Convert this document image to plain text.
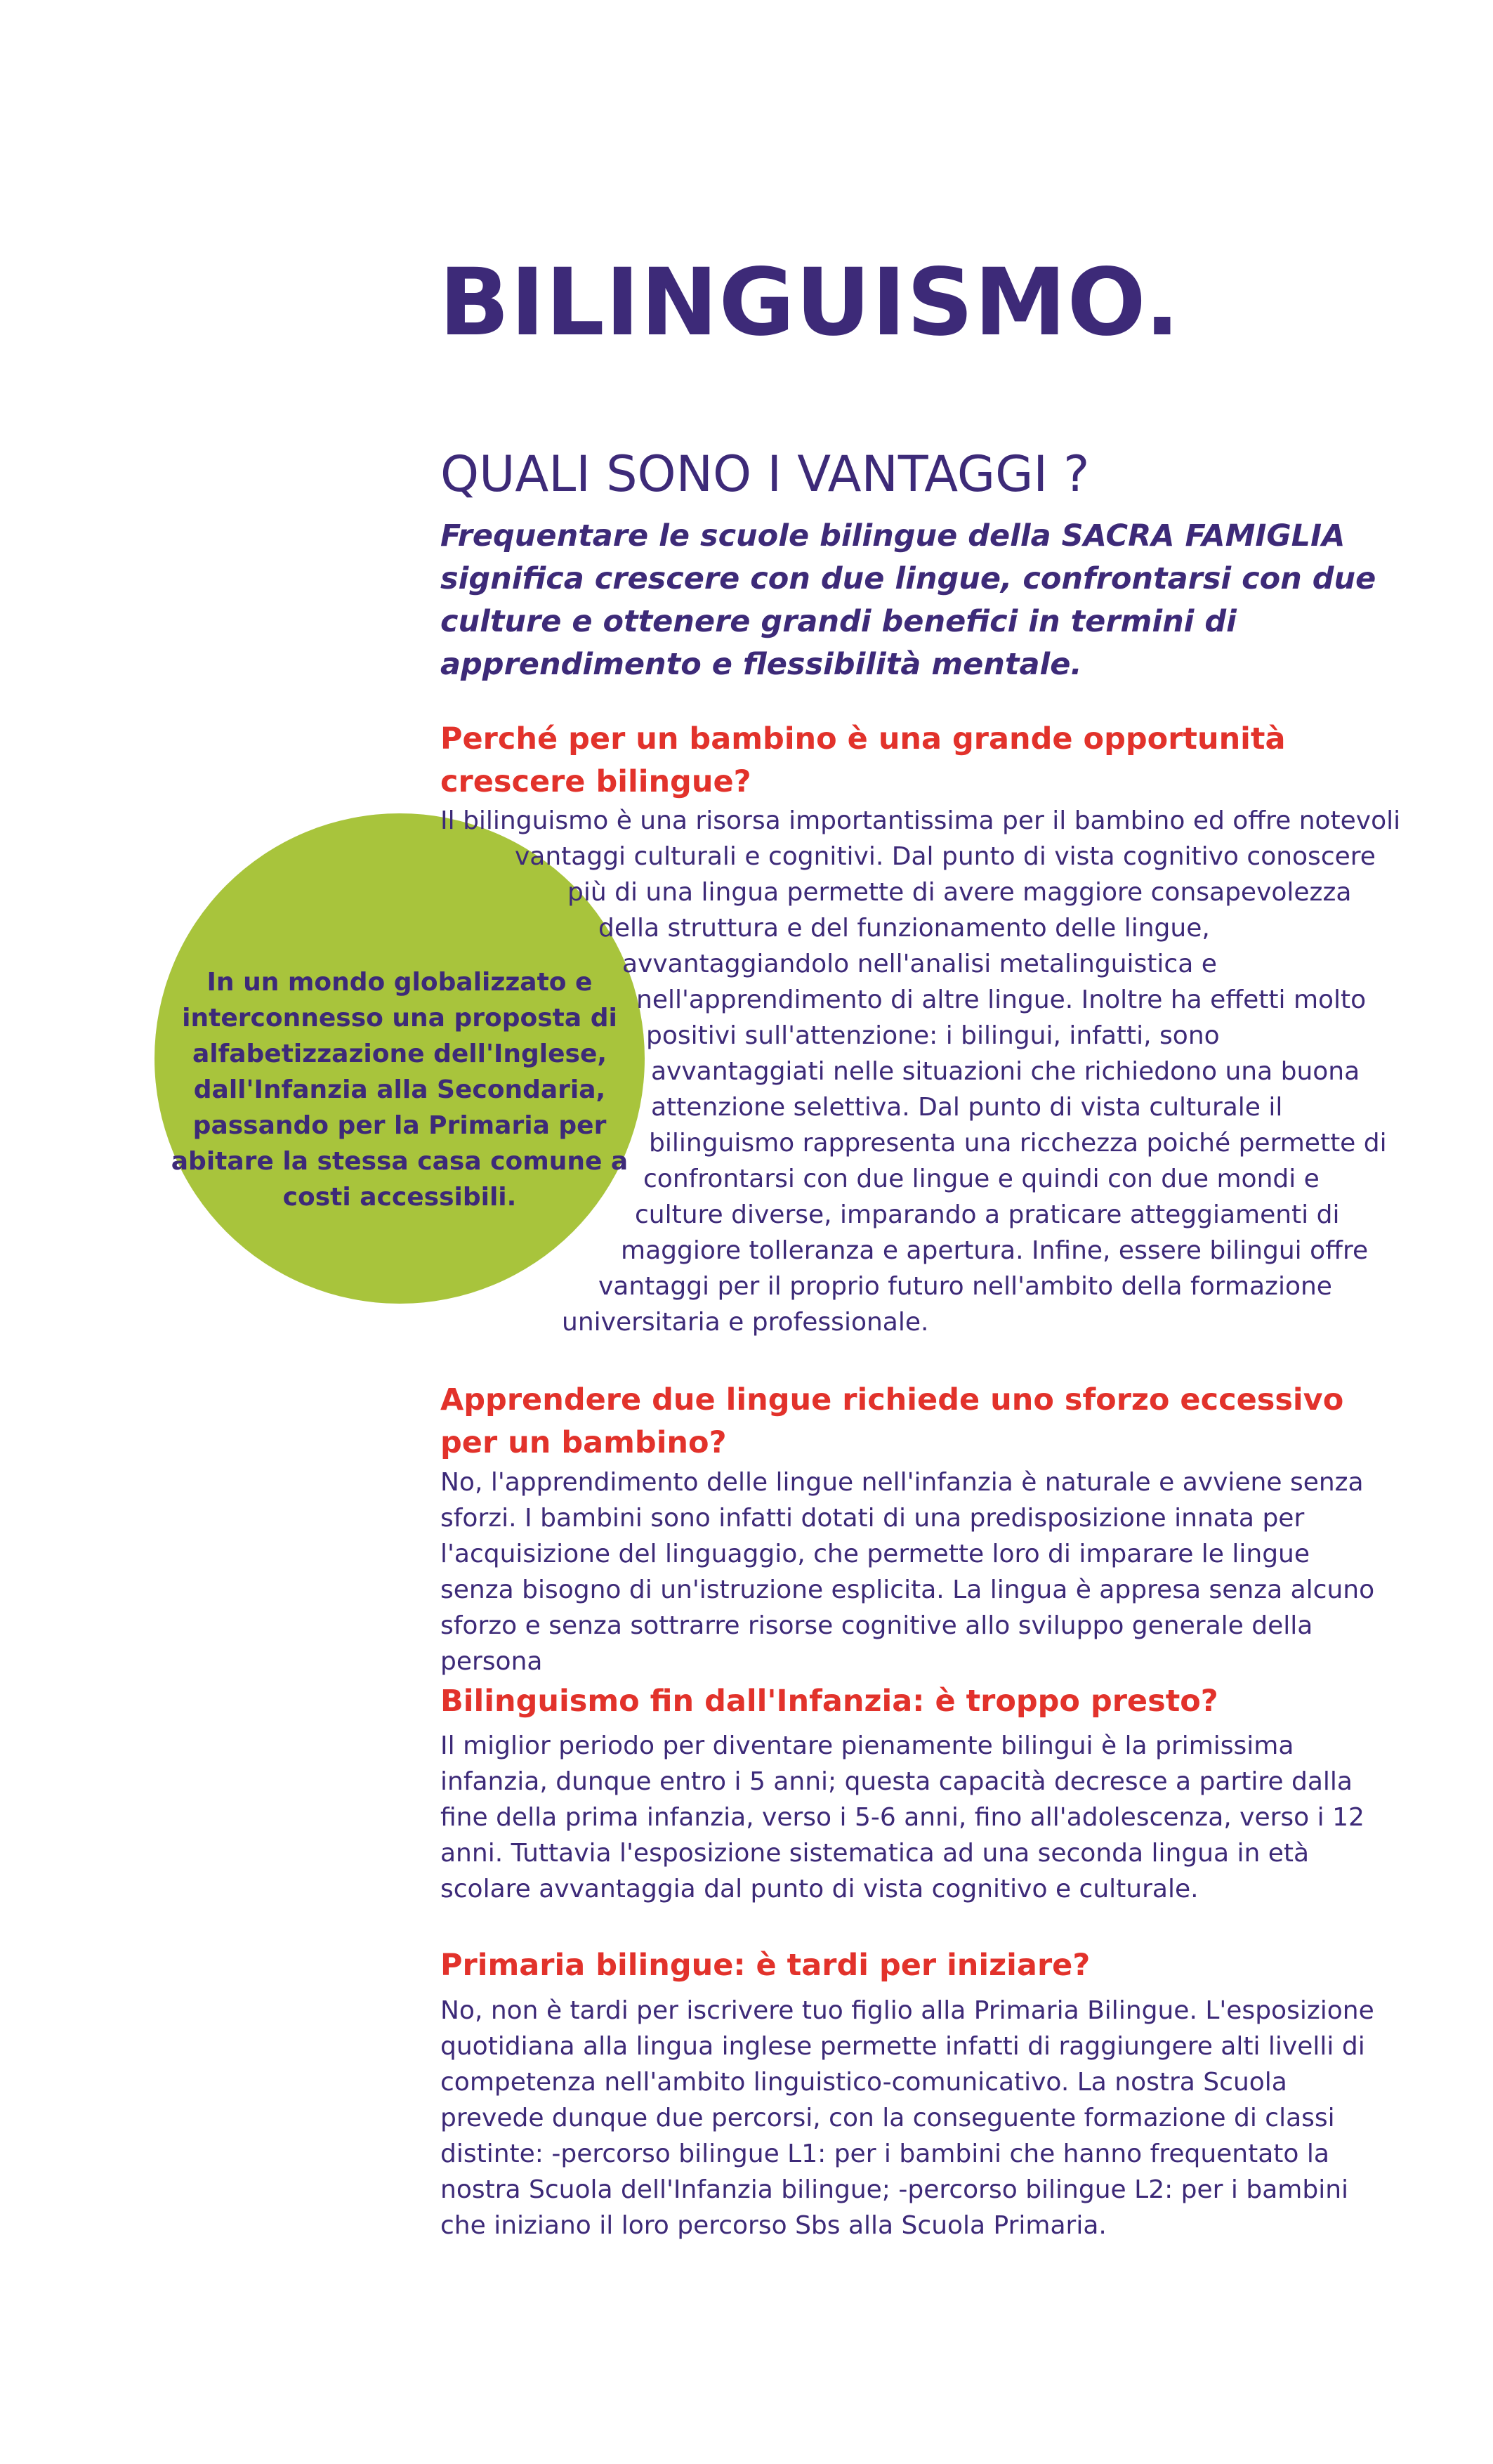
BILINGUISMO.
QUALI SONO I VANTAGGI ?

Frequentare le scuole bilingue della SACRA FAMIGLIA significa crescere con due lingue, confrontarsi con due culture e ottenere grandi benefici in termini di apprendimento e flessibilità mentale.

Perché per un bambino è una grande opportunità crescere bilingue?

In un mondo globalizzato e interconnesso una proposta di alfabetizzazione dell'Inglese, dall'Infanzia alla Secondaria, passando per la Primaria per abitare la stessa casa comune a costi accessibili.

Il bilinguismo è una risorsa importantissima per il bambino ed offre notevoli
vantaggi culturali e cognitivi. Dal punto di vista cognitivo conoscere
più di una lingua permette di avere maggiore consapevolezza
della struttura e del funzionamento delle lingue,
avvantaggiandolo nell'analisi metalinguistica e
nell'apprendimento di altre lingue. Inoltre ha effetti molto
positivi sull'attenzione: i bilingui, infatti, sono
avvantaggiati nelle situazioni che richiedono una buona
attenzione selettiva. Dal punto di vista culturale il
bilinguismo rappresenta una ricchezza poiché permette di
confrontarsi con due lingue e quindi con due mondi e
culture diverse, imparando a praticare atteggiamenti di
maggiore tolleranza e apertura. Infine, essere bilingui offre
vantaggi per il proprio futuro nell'ambito della formazione
universitaria e professionale.
Apprendere due lingue richiede uno sforzo eccessivo per un bambino?

No, l'apprendimento delle lingue nell'infanzia è naturale e avviene senza sforzi. I bambini sono infatti dotati di una predisposizione innata per l'acquisizione del linguaggio, che permette loro di imparare le lingue senza bisogno di un'istruzione esplicita. La lingua è appresa senza alcuno sforzo e senza sottrarre risorse cognitive allo sviluppo generale della persona

Bilinguismo fin dall'Infanzia: è troppo presto?

Il miglior periodo per diventare pienamente bilingui è la primissima infanzia, dunque entro i 5 anni; questa capacità decresce a partire dalla fine della prima infanzia, verso i 5-6 anni, fino all'adolescenza, verso i 12 anni. Tuttavia l'esposizione sistematica ad una seconda lingua in età scolare avvantaggia dal punto di vista cognitivo e culturale.

Primaria bilingue: è tardi per iniziare?

No, non è tardi per iscrivere tuo figlio alla Primaria Bilingue. L'esposizione quotidiana alla lingua inglese permette infatti di raggiungere alti livelli di competenza nell'ambito linguistico-comunicativo. La nostra Scuola prevede dunque due percorsi, con la conseguente formazione di classi distinte: -percorso bilingue L1: per i bambini che hanno frequentato la nostra Scuola dell'Infanzia bilingue; -percorso bilingue L2: per i bambini che iniziano il loro percorso Sbs alla Scuola Primaria.
